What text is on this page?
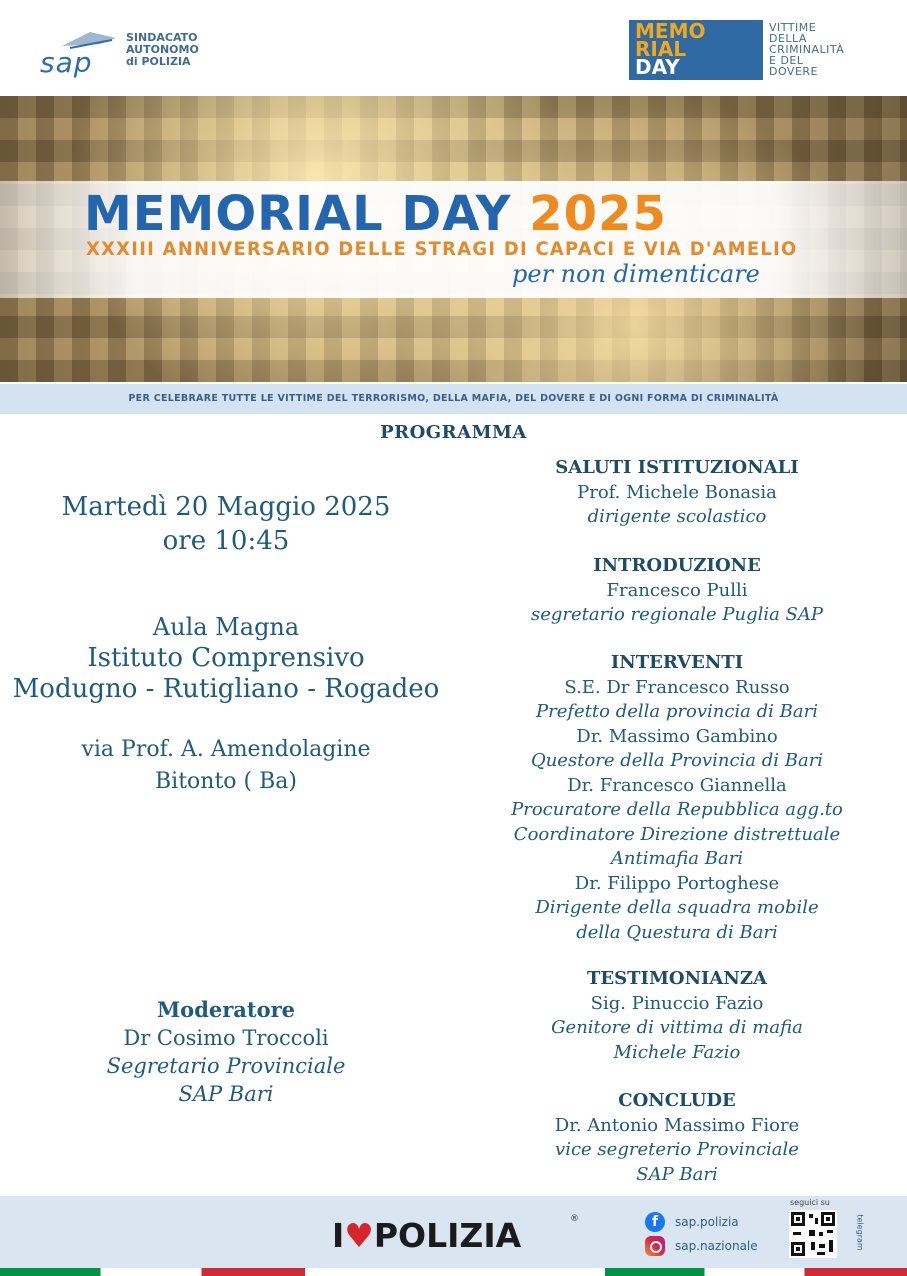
sap
SINDACATO
AUTONOMO
di POLIZIA
MEMO
RIAL
DAY
VITTIME
DELLA
CRIMINALITÀ
E DEL
DOVERE
MEMORIAL DAY 2025
XXXIII ANNIVERSARIO DELLE STRAGI DI CAPACI E VIA D'AMELIO
per non dimenticare
PER CELEBRARE TUTTE LE VITTIME DEL TERRORISMO, DELLA MAFIA, DEL DOVERE E DI OGNI FORMA DI CRIMINALITÀ
PROGRAMMA
Martedì 20 Maggio 2025
ore 10:45
Aula Magna
Istituto Comprensivo
Modugno - Rutigliano - Rogadeo
via Prof. A. Amendolagine
Bitonto ( Ba)
Moderatore
Dr Cosimo Troccoli
Segretario Provinciale
SAP Bari
SALUTI ISTITUZIONALI
Prof. Michele Bonasia
dirigente scolastico
INTRODUZIONE
Francesco Pulli
segretario regionale Puglia SAP
INTERVENTI
S.E. Dr Francesco Russo
Prefetto della provincia di Bari
Dr. Massimo Gambino
Questore della Provincia di Bari
Dr. Francesco Giannella
Procuratore della Repubblica agg.to
Coordinatore Direzione distrettuale
Antimafia Bari
Dr. Filippo Portoghese
Dirigente della squadra mobile
della Questura di Bari
TESTIMONIANZA
Sig. Pinuccio Fazio
Genitore di vittima di mafia
Michele Fazio
CONCLUDE
Dr. Antonio Massimo Fiore
vice segreterio Provinciale
SAP Bari
I♥POLIZIA	®	f	sap.polizia
sap.nazionale
seguici su
telegram
